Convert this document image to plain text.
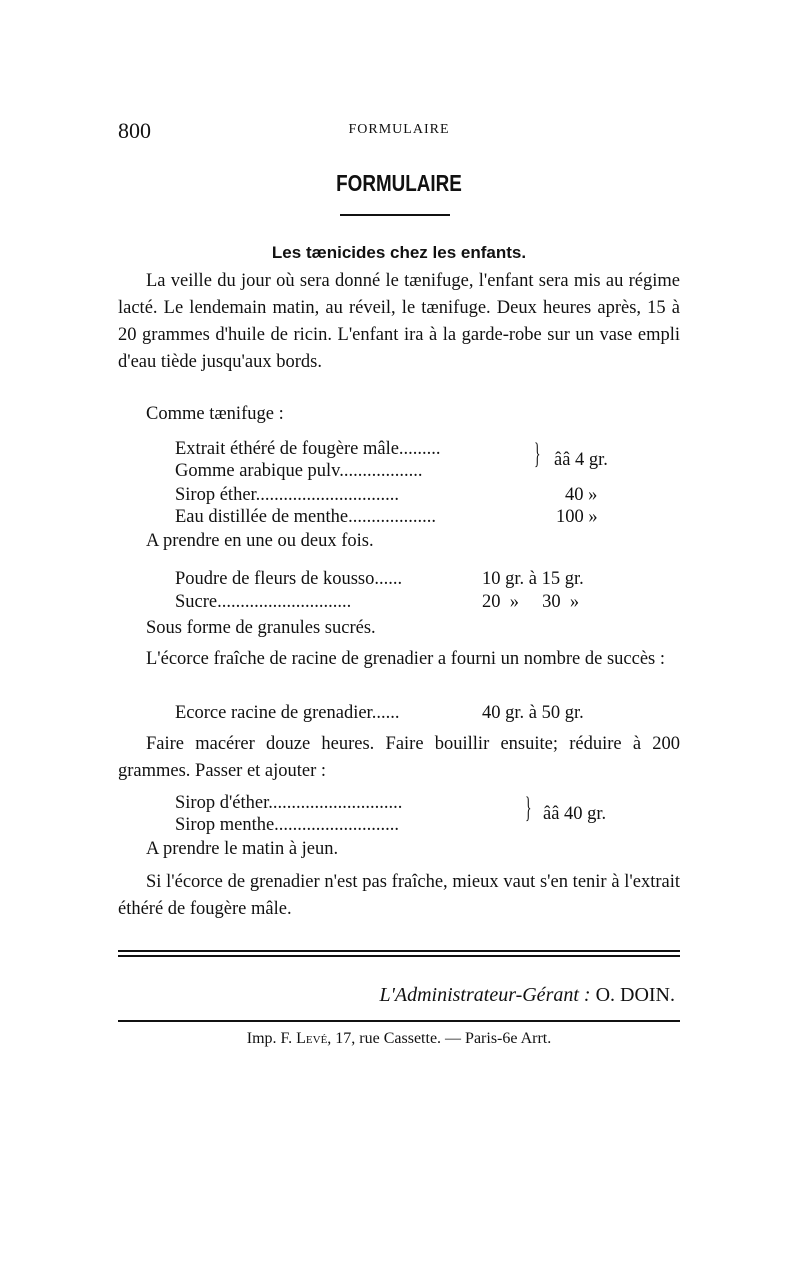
800	FORMULAIRE
FORMULAIRE
Les tænicides chez les enfants.
La veille du jour où sera donné le tænifuge, l'enfant sera mis au régime lacté. Le lendemain matin, au réveil, le tænifuge. Deux heures après, 15 à 20 grammes d'huile de ricin. L'enfant ira à la garde-robe sur un vase empli d'eau tiède jusqu'aux bords.
Comme tænifuge :
Extrait éthéré de fougère mâle.........
Gomme arabique pulv..................
} ââ 4 gr.
Sirop éther...............................	40 »
Eau distillée de menthe...................	100 »
A prendre en une ou deux fois.
Poudre de fleurs de kousso......	10 gr. à 15 gr.
Sucre.............................	20  »     30  »
Sous forme de granules sucrés.
L'écorce fraîche de racine de grenadier a fourni un nombre de succès :
Ecorce racine de grenadier......	40 gr. à 50 gr.
Faire macérer douze heures. Faire bouillir ensuite; réduire à 200 grammes. Passer et ajouter :
Sirop d'éther.............................
Sirop menthe...........................
} ââ 40 gr.
A prendre le matin à jeun.
Si l'écorce de grenadier n'est pas fraîche, mieux vaut s'en tenir à l'extrait éthéré de fougère mâle.
L'Administrateur-Gérant : O. DOIN.
Imp. F. Levé, 17, rue Cassette. — Paris-6e Arrt.
